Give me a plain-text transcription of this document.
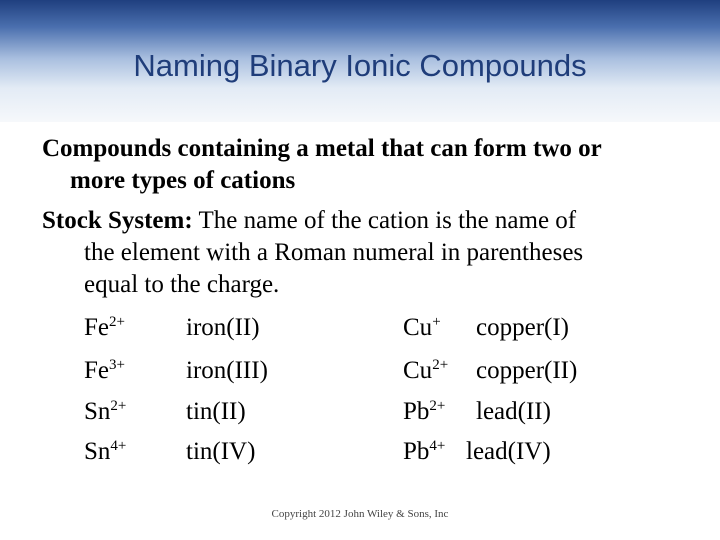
Naming Binary Ionic Compounds
Compounds containing a metal that can form two or
more types of cations
Stock System: The name of the cation is the name of
the element with a Roman numeral in parentheses
equal to the charge.
$Fe^{2+}$ iron(II)	Cu+ copper(I)
$Fe^{3+}$ iron(III)	$Cu^{2+}$ copper(II)
$Sn^{2+}$ tin(II)	$Pb^{2+}$ lead(II)
$Sn^{4+}$ tin(IV)	$Pb^{4+}$ lead(IV)
Copyright 2012 John Wiley & Sons, Inc
